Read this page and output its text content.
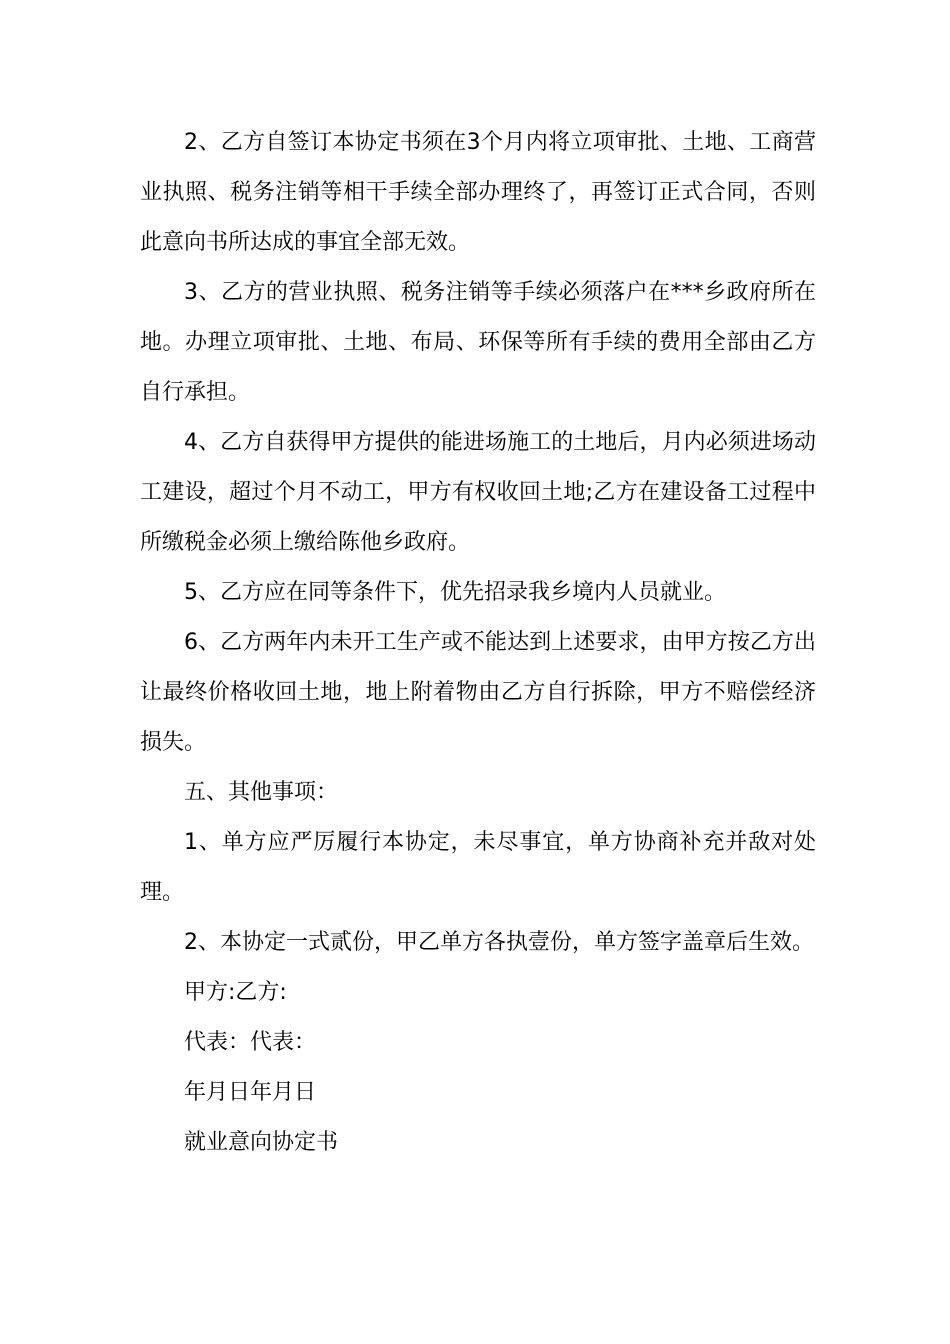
2、乙方自签订本协定书须在3个月内将立项审批、土地、工商营业执照、税务注销等相干手续全部办理终了，再签订正式合同，否则此意向书所达成的事宜全部无效。

3、乙方的营业执照、税务注销等手续必须落户在***乡政府所在地。办理立项审批、土地、布局、环保等所有手续的费用全部由乙方自行承担。

4、乙方自获得甲方提供的能进场施工的土地后，月内必须进场动工建设，超过个月不动工，甲方有权收回土地;乙方在建设备工过程中所缴税金必须上缴给陈他乡政府。

5、乙方应在同等条件下，优先招录我乡境内人员就业。

6、乙方两年内未开工生产或不能达到上述要求，由甲方按乙方出让最终价格收回土地，地上附着物由乙方自行拆除，甲方不赔偿经济损失。

五、其他事项：

1、单方应严厉履行本协定，未尽事宜，单方协商补充并敌对处理。

2、本协定一式贰份，甲乙单方各执壹份，单方签字盖章后生效。

甲方:乙方:

代表：代表：

年月日年月日

就业意向协定书
